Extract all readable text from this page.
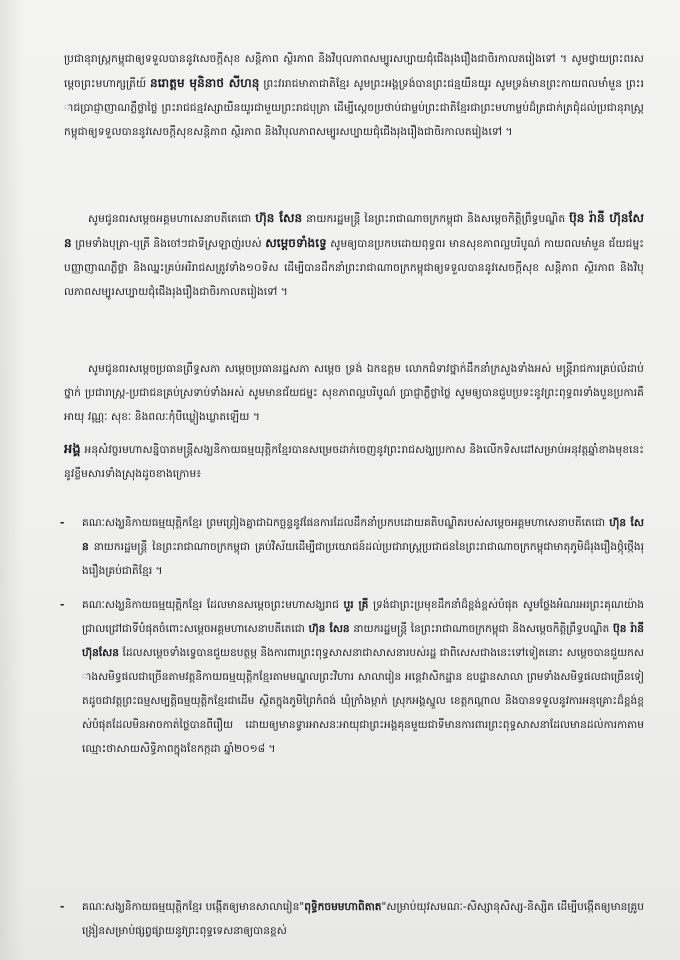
ប្រជានុរាស្ត្រកម្ពុជាឲ្យទទួលបាននូវសេចក្តីសុខ សន្តិភាព ស្ថិរភាព និងវិបុលភាពសម្បូរសប្បាយជុំជើងរុងរឿងជាចិរកាលតរៀងទៅ ។ សូមថ្វាយព្រះពរសម្តេចព្រះមហាក្សត្រីយ៍ នរោត្តម មុនិនាថ សីហនុ ព្រះវររាជមាតាជាតិខ្មែរ សូមព្រះអង្គទ្រង់បានព្រះជន្មយឺនយូរ សូមទ្រង់មានព្រះកាយពលមាំមួន ព្រះរាជប្រាជ្ញាញាណភ្លឺថ្លាថ្លៃ ព្រះរាជជន្មវស្សាយឺនយូរជាមួយព្រះរាជបុត្រា ដើម្បីស្តេចប្រថាប់ជាម្លប់ព្រះជាតិខ្មែរជាព្រះមហាម្លប់ដ៏ត្រជាក់ត្រជុំដល់ប្រជានុរាស្ត្រកម្ពុជាឲ្យទទួលបាននូវសេចក្តីសុខសន្តិភាព ស្ថិរភាព និងវិបុលភាពសម្បូរសប្បាយជុំជើងរុងរឿងជាចិរកាលតរៀងទៅ ។

សូមជូនពរសម្តេចអគ្គមហាសេនាបតីតេជោ ហ៊ុន សែន នាយករដ្ឋមន្ត្រី នៃព្រះរាជាណាចក្រកម្ពុជា និងសម្តេចកិត្តិព្រឹទ្ធបណ្ឌិត ប៊ុន រ៉ានី ហ៊ុនសែន ព្រមទាំងបុត្រា-បុត្រី និងចៅៗជាទីស្រឡាញ់របស់ សម្តេចទាំងទ្វេ សូមឲ្យបានប្រកបដោយពុទ្ធពរ មានសុខភាពល្អបរិបូណ៌ កាយពលមាំមួន ជ័យជម្នះ បញ្ញាញាណភ្លឺថ្លា និងឈ្នះគ្រប់អរិរាជសត្រូវទាំង១០ទិស ដើម្បីបានដឹកនាំព្រះរាជាណាចក្រកម្ពុជាឲ្យទទួលបាននូវសេចក្តីសុខ សន្តិភាព ស្ថិរភាព និងវិបុលភាពសម្បូរសប្បាយជុំជើងរុងរឿងជាចិរកាលតរៀងទៅ ។

សូមជូនពរសម្តេចប្រធានព្រឹទ្ធសភា សម្តេចប្រធានរដ្ឋសភា សម្តេច ទ្រង់ ឯកឧត្តម លោកជំទាវថ្នាក់ដឹកនាំក្រសួងទាំងអស់ មន្ត្រីរាជការគ្រប់លំដាប់ថ្នាក់ ប្រជារាស្ត្រ-ប្រជាជនគ្រប់ស្រទាប់ទាំងអស់ សូមមានជ័យជម្នះ សុខភាពល្អបរិបូណ៌ ប្រាជ្ញាភ្លឺថ្លាថ្លៃ សូមឲ្យបានជួបប្រទះនូវព្រះពុទ្ធពរទាំងបួនប្រការគឺ អាយុ វណ្ណៈ សុខៈ និងពលៈកុំបីឃ្លៀងឃ្លាតឡើយ ។

អង្គ អនុសំវច្ចរមហាសន្និបាតមន្ត្រីសង្ឃនិកាយធម្មយុត្តិកខ្មែរបានសម្រេចដាក់ចេញនូវព្រះរាជសង្ឃប្រកាស និងលើកទិសដៅសម្រាប់អនុវត្តឆ្នាំខាងមុខនេះនូវខ្លឹមសារទាំងស្រុងដូចខាងក្រោម៖

- គណៈសង្ឃនិកាយធម្មយុត្តិកខ្មែរ ព្រមព្រៀងគ្នាជាឯកច្ឆន្ទនូវផែនការដែលដឹកនាំប្រកបដោយគតិបណ្ឌិតរបស់សម្តេចអគ្គមហាសេនាបតីតេជោ ហ៊ុន សែន នាយករដ្ឋមន្ត្រី នៃព្រះរាជាណាចក្រកម្ពុជា គ្រប់វិស័យដើម្បីជាប្រយោជន៍ដល់ប្រជារាស្ត្រប្រជាជននៃព្រះរាជាណាចក្រកម្ពុជាមាតុភូមិដ៏រុងរឿងថ្កុំថ្កើងរុងរឿងគ្រប់ជាតិខ្មែរ ។

- គណៈសង្ឃនិកាយធម្មយុត្តិកខ្មែរ ដែលមានសម្តេចព្រះមហាសង្ឃរាជ បួរ គ្រី ទ្រង់ជាព្រះប្រមុខដឹកនាំដ៏ខ្ពង់ខ្ពស់បំផុត សូមថ្លែងអំណរអរព្រះគុណយ៉ាងជ្រាលជ្រៅជាទីបំផុតចំពោះសម្តេចអគ្គមហាសេនាបតីតេជោ ហ៊ុន សែន នាយករដ្ឋមន្ត្រី នៃព្រះរាជាណាចក្រកម្ពុជា និងសម្តេចកិត្តិព្រឹទ្ធបណ្ឌិត ប៊ុន រ៉ានី ហ៊ុនសែន ដែលសម្តេចទាំងទ្វេបានជួយឧបត្ថម្ភ និងការពារព្រះពុទ្ធសាសនាជាសាសនារបស់រដ្ឋ ជាពិសេសជាងនេះទៅទៀតនោះ សម្តេចបានជួយកសាងសមិទ្ធផលជាច្រើនតាមវត្តនិកាយធម្មយុត្តិកខ្មែរតាមមណ្ឌលព្រះវិហារ សាលារៀន អន្តេវាសិកដ្ឋាន ឧបដ្ឋានសាលា ព្រមទាំងសមិទ្ធផលជាច្រើនទៀតដូចជាវត្តព្រះធម្មសម្បត្តិធម្មយុត្តិកខ្មែរជាដើម ស្ថិតក្នុងភូមិព្រៃកំពង់ ឃុំក្រាំងម្កាក់ ស្រុកអង្គស្នួល ខេត្តកណ្តាល និងបានទទួលនូវការអនុគ្រោះដ៏ខ្ពង់ខ្ពស់បំផុតដែលមិនអាចកាត់ថ្លៃបានពីរឿយ ដោយឲ្យមានទ្វារអាសនៈអាយុជាព្រះអង្គគុនមួយជាទីមានការពារព្រះពុទ្ធសាសនាដែលមានដល់ការកាតាមឈ្មោះថាសាយសិទ្ធិភាពក្នុងខែកក្កដា ឆ្នាំ២០១៨ ។

- គណៈសង្ឃនិកាយធម្មយុត្តិកខ្មែរ បង្កើតឲ្យមានសាលារៀន"ពុទ្ធិកចមមហាពិតាត"សម្រាប់យុវសមណៈ-សិស្សានុសិស្ស-និស្សិត ដើម្បីបង្កើតឲ្យមានគ្រូបង្រៀនសម្រាប់ផ្សព្វផ្សាយនូវព្រះពុទ្ធទេសនាឲ្យបានខ្ពស់
